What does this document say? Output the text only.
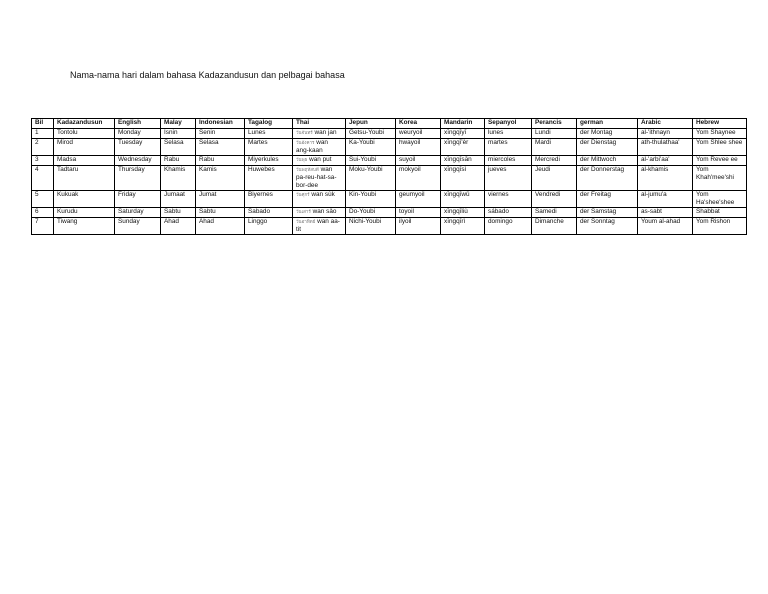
Nama-nama hari dalam bahasa Kadazandusun dan pelbagai bahasa
Bil	Kadazandusun	English	Malay	Indonesian	Tagalog	Thai	Jepun	Korea	Mandarin	Sepanyol	Perancis	german	Arabic	Hebrew
1	Tontolu	Monday	Isnin	Senin	Lunes	วันจันทร์ wan jan	Getsu-Youbi	weuryoil	xīngqīyī	lunes	Lundi	der Montag	al-'ithnayn	Yom Shaynee
2	Mirod	Tuesday	Selasa	Selasa	Martes	วันอังคาร wan ang-kaan	Ka-Youbi	hwayoil	xīngqī'èr	martes	Mardi	der Dienstag	ath-thulathaa'	Yom Shlee shee
3	Madsa	Wednesday	Rabu	Rabu	Miyerkules	วันพุธ wan put	Sui-Youbi	suyoil	xīngqīsān	miercoles	Mercredi	der Mittwoch	al-'arbi'aa'	Yom Revee ee
4	Tadtaru	Thursday	Khamis	Kamis	Huwebes	วันพฤหัสบดี wan pa-reu-hat-sa-bor-dee	Moku-Youbi	mokyoil	xīngqīsì	jueves	Jeudi	der Donnerstag	al-khamis	Yom Khah'mee'shi
5	Kukuak	Friday	Jumaat	Jumat	Biyernes	วันศุกร์ wan sùk	Kin-Youbi	geumyoil	xīngqīwǔ	viernes	Vendredi	der Freitag	al-jumu'a	Yom Ha'shee'shee
6	Kurudu	Saturday	Sabtu	Sabtu	Sabado	วันเสาร์ wan sǎo	Do-Youbi	toyoil	xīngqīliù	sábado	Samedi	der Samstag	as-sabt	Shabbat
7	Tiwang	Sunday	Ahad	Ahad	Linggo	วันอาทิตย์ wan aa-tit	Nichi-Youbi	ilyoil	xīngqīrì	domingo	Dimanche	der Sonntag	Youm al-ahad	Yom Rishon
